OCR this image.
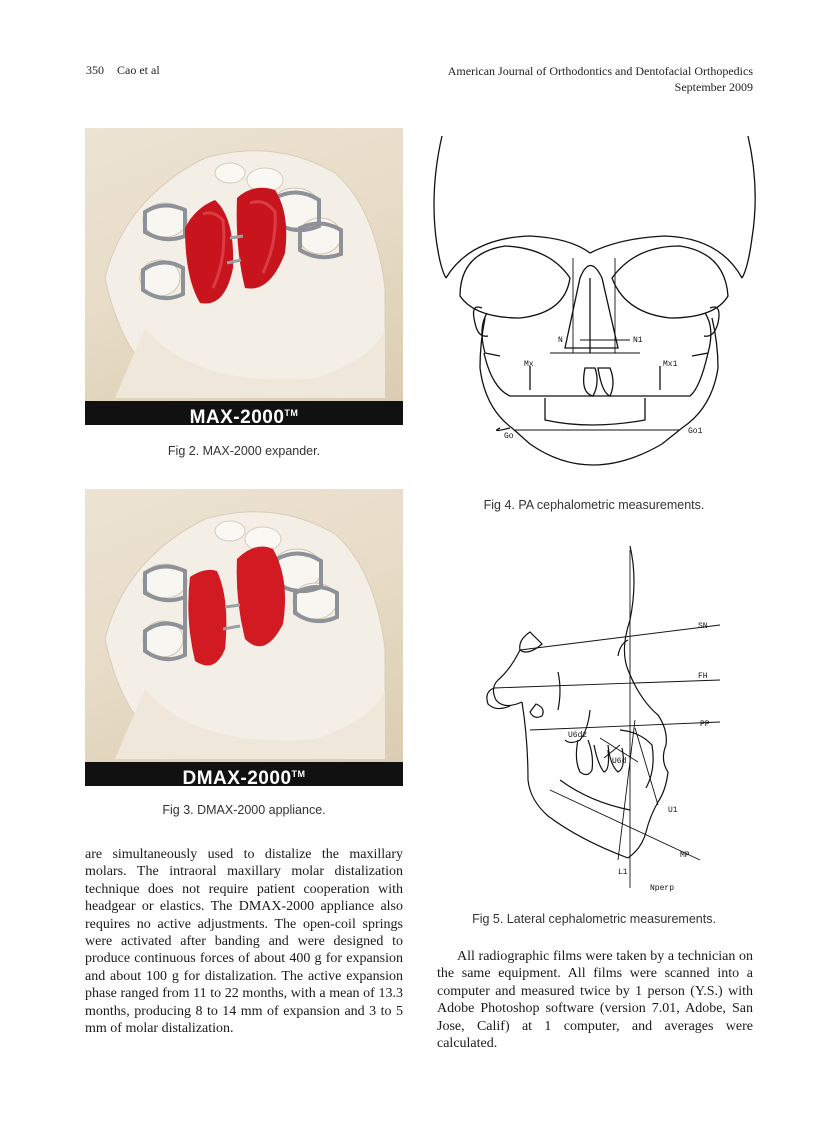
350 Cao et al	American Journal of Orthodontics and Dentofacial Orthopedics
September 2009
MAX-2000™
Fig 2. MAX-2000 expander.
DMAX-2000™
Fig 3. DMAX-2000 appliance.
N	N1
Mx	Mx1
Go
Go1
Fig 4. PA cephalometric measurements.
SN
FH
PP
U6dz
U6d
U1
MP
L1
Nperp
Fig 5. Lateral cephalometric measurements.

are simultaneously used to distalize the maxillary molars. The intraoral maxillary molar distalization technique does not require patient cooperation with headgear or elastics. The DMAX-2000 appliance also requires no active adjustments. The open-coil springs were activated after banding and were designed to produce continuous forces of about 400 g for expansion and about 100 g for distalization. The active expansion phase ranged from 11 to 22 months, with a mean of 13.3 months, producing 8 to 14 mm of expansion and 3 to 5 mm of molar distalization.

All radiographic films were taken by a technician on the same equipment. All films were scanned into a computer and measured twice by 1 person (Y.S.) with Adobe Photoshop software (version 7.01, Adobe, San Jose, Calif) at 1 computer, and averages were calculated.
